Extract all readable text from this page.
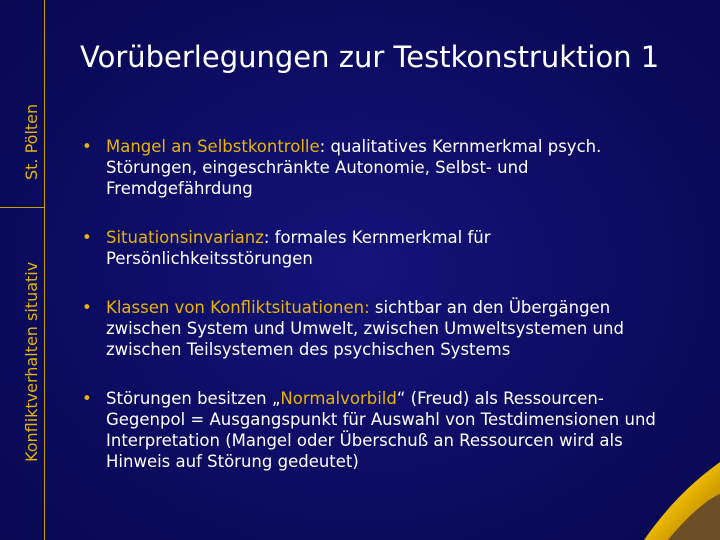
St. Pölten
Konfliktverhalten situativ
Vorüberlegungen zur Testkonstruktion 1
• Mangel an Selbstkontrolle: qualitatives Kernmerkmal psych. Störungen, eingeschränkte Autonomie, Selbst- und Fremdgefährdung
• Situationsinvarianz: formales Kernmerkmal für Persönlichkeitsstörungen
• Klassen von Konfliktsituationen: sichtbar an den Übergängen zwischen System und Umwelt, zwischen Umweltsystemen und zwischen Teilsystemen des psychischen Systems
• Störungen besitzen „Normalvorbild“ (Freud) als Ressourcen-Gegenpol = Ausgangspunkt für Auswahl von Testdimensionen und Interpretation (Mangel oder Überschuß an Ressourcen wird als Hinweis auf Störung gedeutet)
